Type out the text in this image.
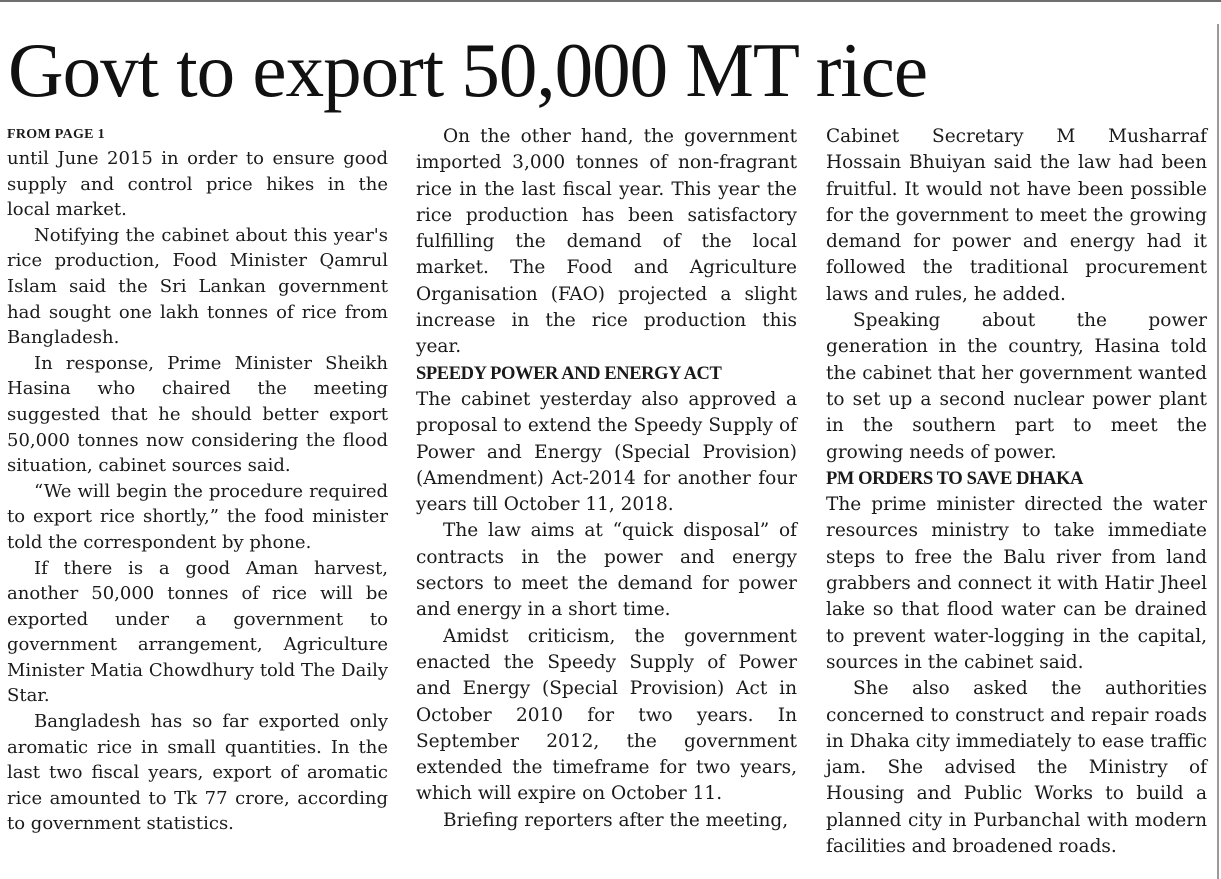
Govt to export 50,000 MT rice
FROM PAGE 1

until June 2015 in order to ensure good supply and control price hikes in the local market.

Notifying the cabinet about this year's rice production, Food Minister Qamrul Islam said the Sri Lankan government had sought one lakh tonnes of rice from Bangladesh.

In response, Prime Minister Sheikh Hasina who chaired the meeting suggested that he should better export 50,000 tonnes now considering the flood situation, cabinet sources said.

“We will begin the procedure required to export rice shortly,” the food minister told the correspondent by phone.

If there is a good Aman harvest, another 50,000 tonnes of rice will be exported under a government to government arrangement, Agriculture Minister Matia Chowdhury told The Daily Star.

Bangladesh has so far exported only aromatic rice in small quantities. In the last two fiscal years, export of aromatic rice amounted to Tk 77 crore, according to government statistics.

On the other hand, the government imported 3,000 tonnes of non-fragrant rice in the last fiscal year. This year the rice production has been satisfactory fulfilling the demand of the local market. The Food and Agriculture Organisation (FAO) projected a slight increase in the rice production this year.

SPEEDY POWER AND ENERGY ACT

The cabinet yesterday also approved a proposal to extend the Speedy Supply of Power and Energy (Special Provision) (Amendment) Act-2014 for another four years till October 11, 2018.

The law aims at “quick disposal” of contracts in the power and energy sectors to meet the demand for power and energy in a short time.

Amidst criticism, the government enacted the Speedy Supply of Power and Energy (Special Provision) Act in October 2010 for two years. In September 2012, the government extended the timeframe for two years, which will expire on October 11.

Briefing reporters after the meeting,

Cabinet Secretary M Musharraf Hossain Bhuiyan said the law had been fruitful. It would not have been possible for the government to meet the growing demand for power and energy had it followed the traditional procurement laws and rules, he added.

Speaking about the power generation in the country, Hasina told the cabinet that her government wanted to set up a second nuclear power plant in the southern part to meet the growing needs of power.

PM ORDERS TO SAVE DHAKA

The prime minister directed the water resources ministry to take immediate steps to free the Balu river from land grabbers and connect it with Hatir Jheel lake so that flood water can be drained to prevent water-logging in the capital, sources in the cabinet said.

She also asked the authorities concerned to construct and repair roads in Dhaka city immediately to ease traffic jam. She advised the Ministry of Housing and Public Works to build a planned city in Purbanchal with modern facilities and broadened roads.
